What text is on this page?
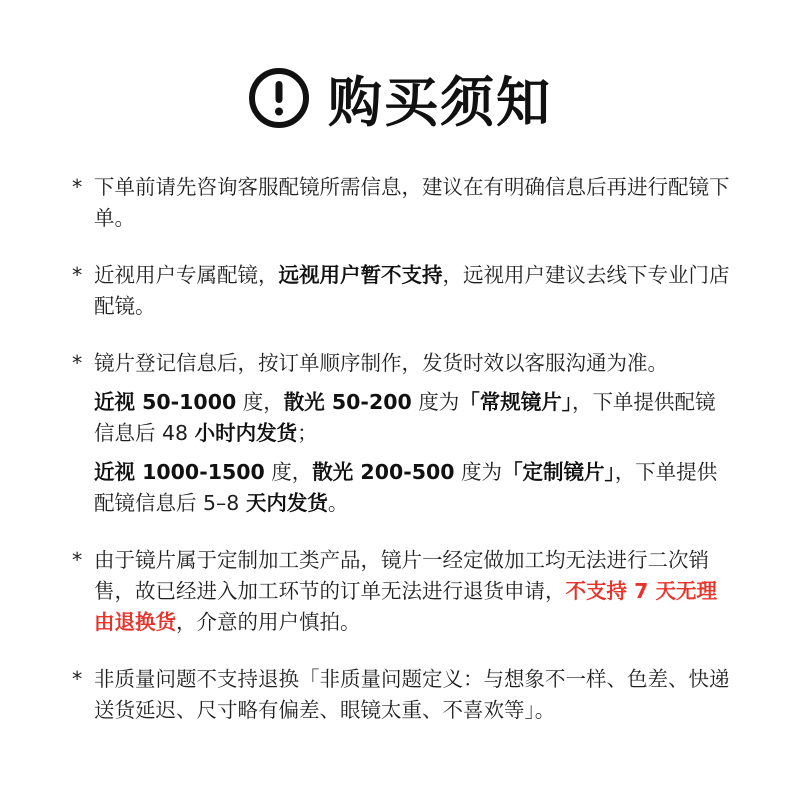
购买须知
* 下单前请先咨询客服配镜所需信息，建议在有明确信息后再进行配镜下单。
* 近视用户专属配镜，远视用户暂不支持，远视用户建议去线下专业门店配镜。
* 镜片登记信息后，按订单顺序制作，发货时效以客服沟通为准。
近视 50-1000 度，散光 50-200 度为「常规镜片」，下单提供配镜信息后 48 小时内发货；
近视 1000-1500 度，散光 200-500 度为「定制镜片」，下单提供配镜信息后 5–8 天内发货。
* 由于镜片属于定制加工类产品，镜片一经定做加工均无法进行二次销售，故已经进入加工环节的订单无法进行退货申请，不支持 7 天无理由退换货，介意的用户慎拍。
* 非质量问题不支持退换「非质量问题定义：与想象不一样、色差、快递送货延迟、尺寸略有偏差、眼镜太重、不喜欢等」。
